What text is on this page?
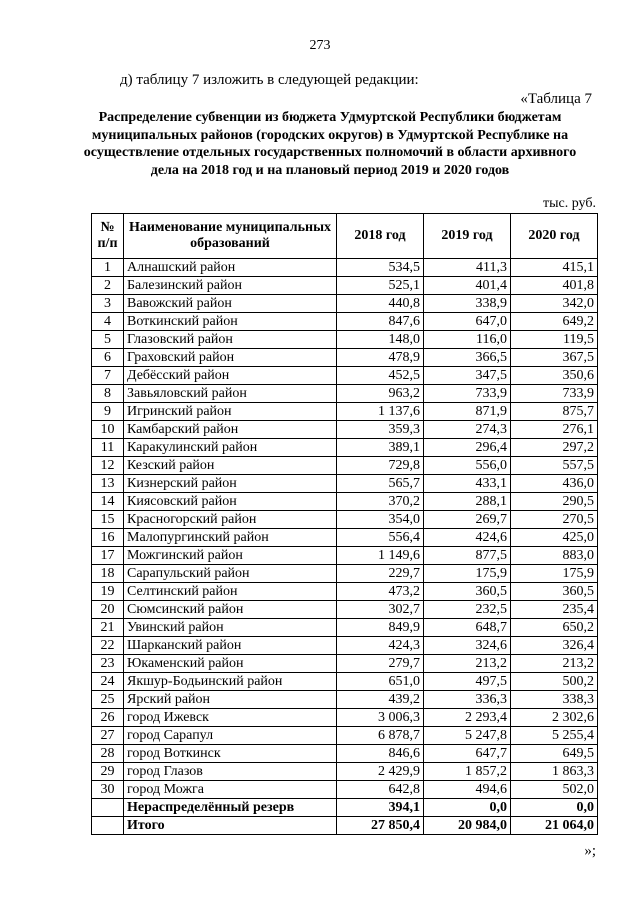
273
д) таблицу 7 изложить в следующей редакции:
«Таблица 7
Распределение субвенции из бюджета Удмуртской Республики бюджетам муниципальных районов (городских округов) в Удмуртской Республике на осуществление отдельных государственных полномочий в области архивного дела на 2018 год и на плановый период 2019 и 2020 годов
тыс. руб.
№ п/п	Наименование муниципальных образований	2018 год	2019 год	2020 год
1	Алнашский район	534,5	411,3	415,1
2	Балезинский район	525,1	401,4	401,8
3	Вавожский район	440,8	338,9	342,0
4	Воткинский район	847,6	647,0	649,2
5	Глазовский район	148,0	116,0	119,5
6	Граховский район	478,9	366,5	367,5
7	Дебёсский район	452,5	347,5	350,6
8	Завьяловский район	963,2	733,9	733,9
9	Игринский район	1 137,6	871,9	875,7
10	Камбарский район	359,3	274,3	276,1
11	Каракулинский район	389,1	296,4	297,2
12	Кезский район	729,8	556,0	557,5
13	Кизнерский район	565,7	433,1	436,0
14	Киясовский район	370,2	288,1	290,5
15	Красногорский район	354,0	269,7	270,5
16	Малопургинский район	556,4	424,6	425,0
17	Можгинский район	1 149,6	877,5	883,0
18	Сарапульский район	229,7	175,9	175,9
19	Селтинский район	473,2	360,5	360,5
20	Сюмсинский район	302,7	232,5	235,4
21	Увинский район	849,9	648,7	650,2
22	Шарканский район	424,3	324,6	326,4
23	Юкаменский район	279,7	213,2	213,2
24	Якшур-Бодьинский район	651,0	497,5	500,2
25	Ярский район	439,2	336,3	338,3
26	город Ижевск	3 006,3	2 293,4	2 302,6
27	город Сарапул	6 878,7	5 247,8	5 255,4
28	город Воткинск	846,6	647,7	649,5
29	город Глазов	2 429,9	1 857,2	1 863,3
30	город Можга	642,8	494,6	502,0
	Нераспределённый резерв	394,1	0,0	0,0
	Итого	27 850,4	20 984,0	21 064,0
»;
